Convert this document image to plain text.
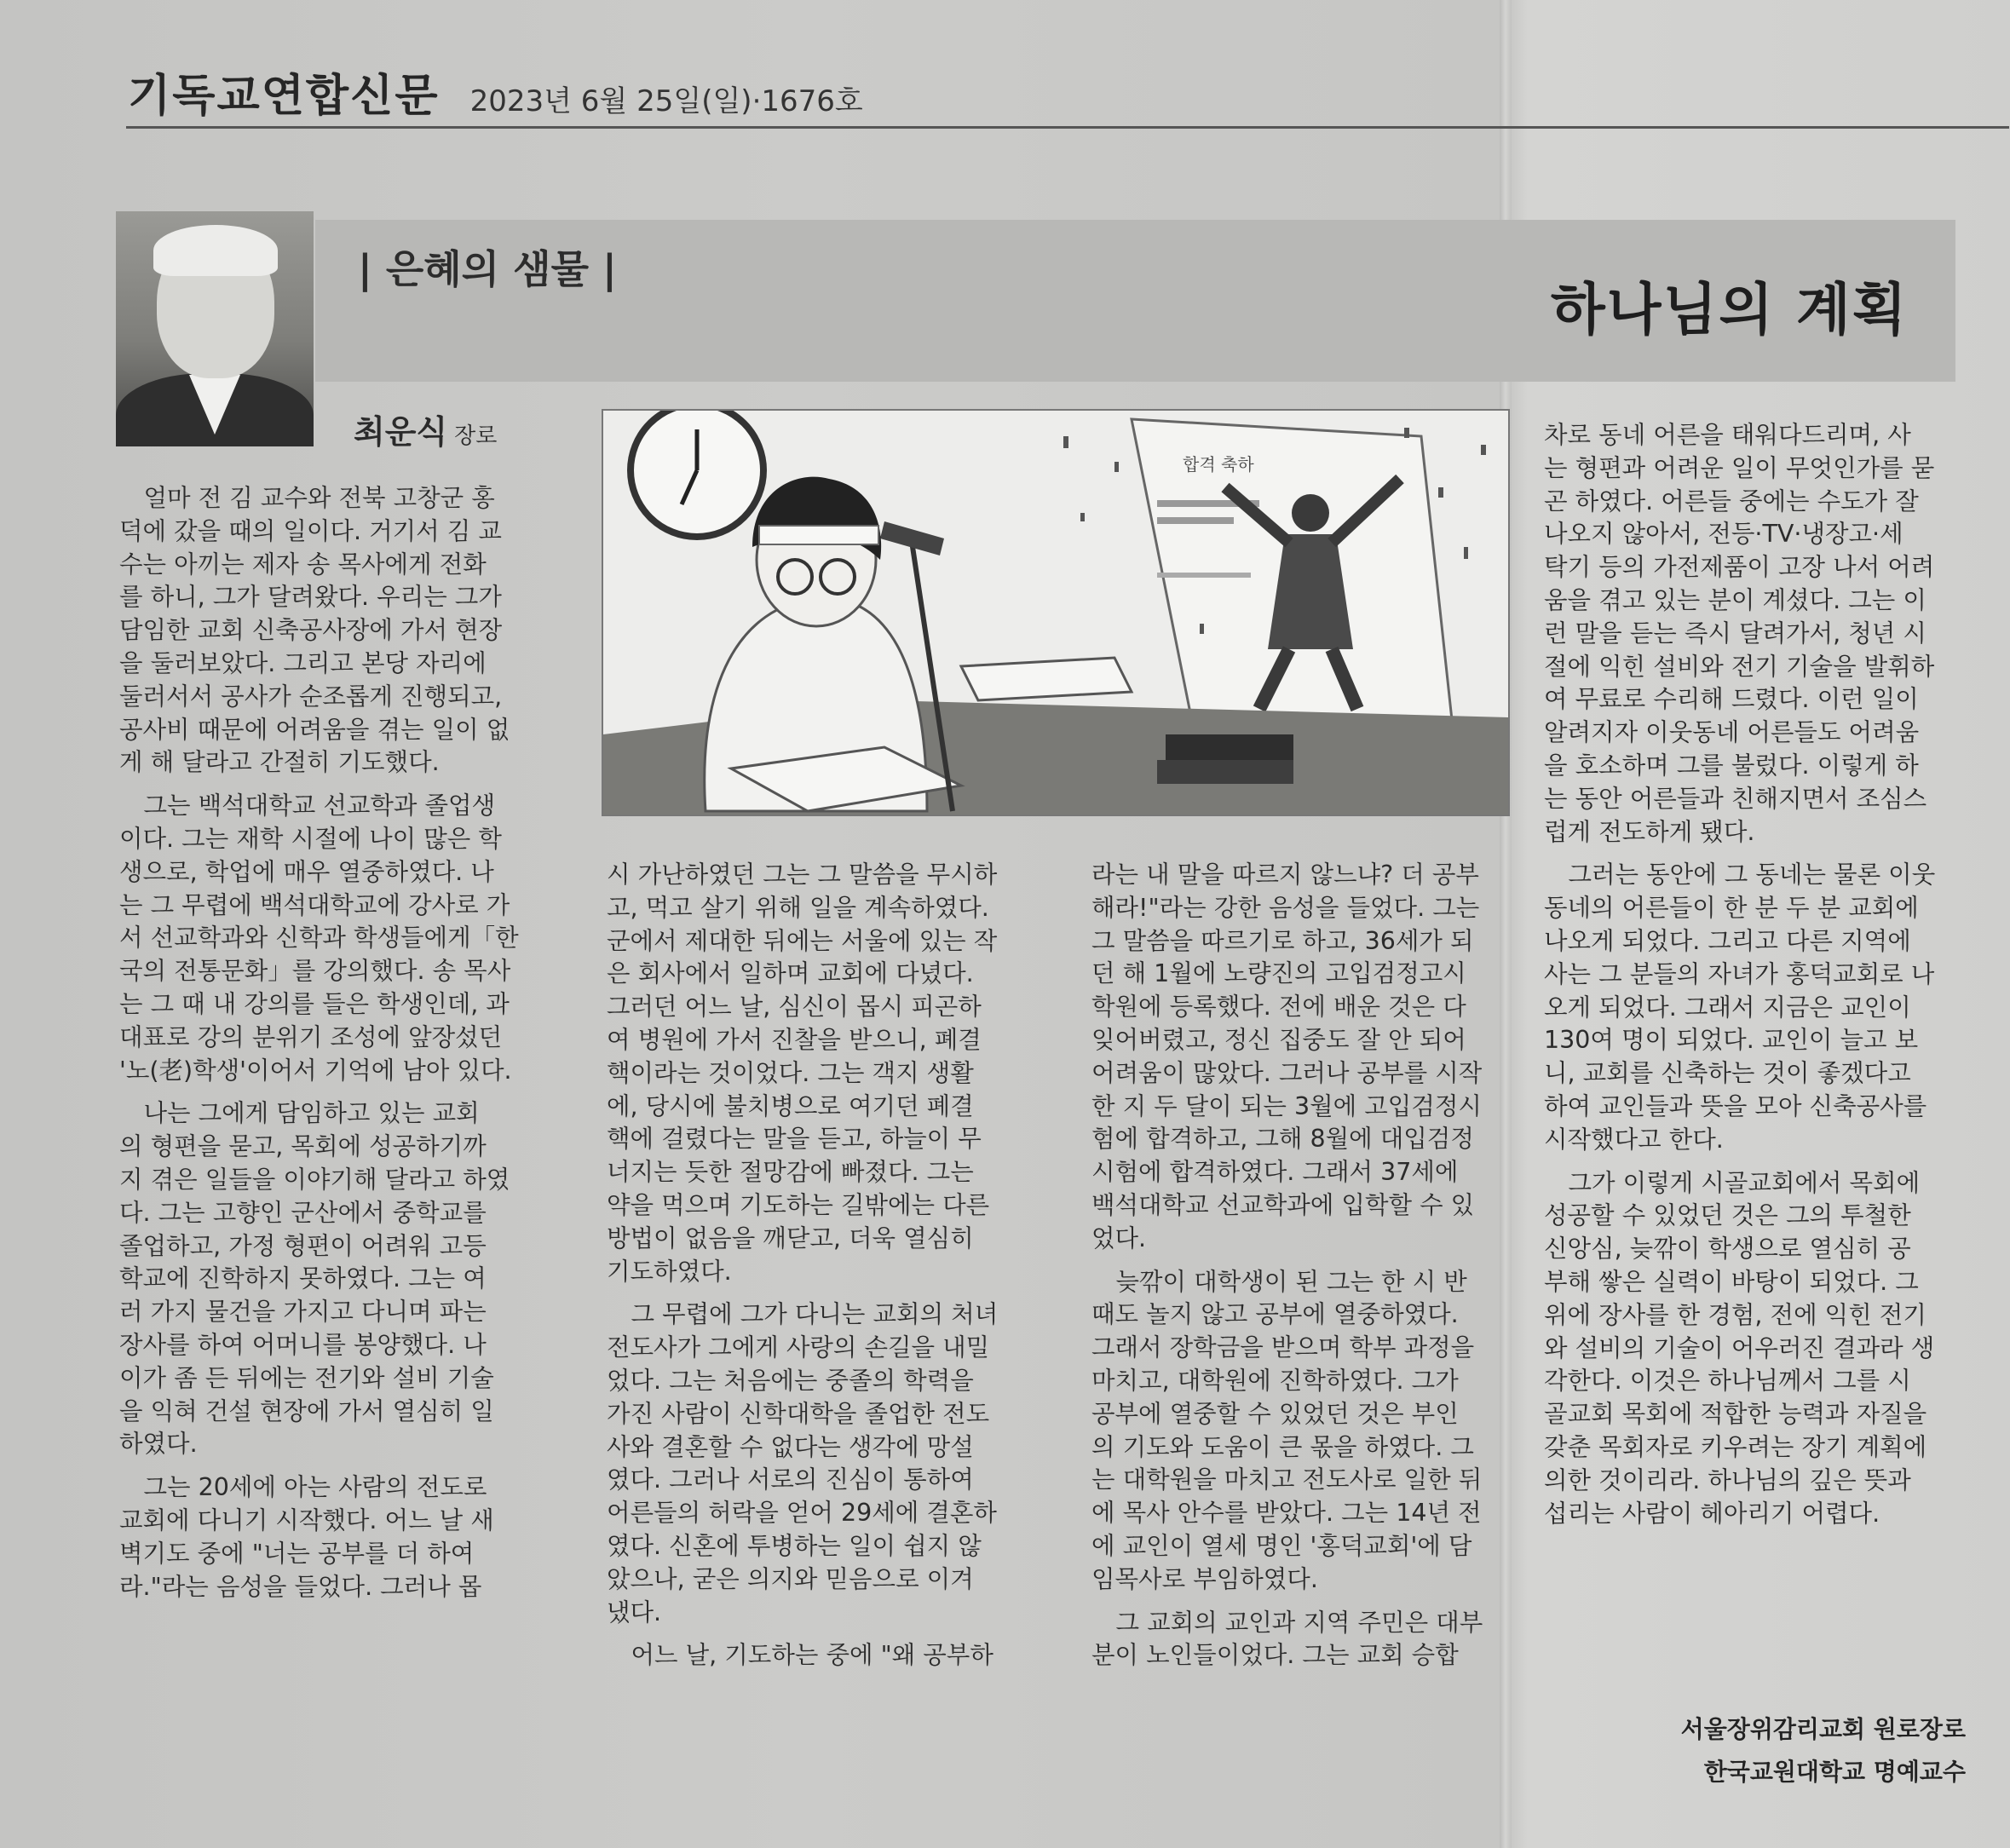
기독교연합신문 2023년 6월 25일(일)·1676호
| 은혜의 샘물 |
하나님의 계획
최운식 장로
합격 축하

얼마 전 김 교수와 전북 고창군 홍
덕에 갔을 때의 일이다. 거기서 김 교
수는 아끼는 제자 송 목사에게 전화
를 하니, 그가 달려왔다. 우리는 그가
담임한 교회 신축공사장에 가서 현장
을 둘러보았다. 그리고 본당 자리에
둘러서서 공사가 순조롭게 진행되고,
공사비 때문에 어려움을 겪는 일이 없
게 해 달라고 간절히 기도했다.

그는 백석대학교 선교학과 졸업생
이다. 그는 재학 시절에 나이 많은 학
생으로, 학업에 매우 열중하였다. 나
는 그 무렵에 백석대학교에 강사로 가
서 선교학과와 신학과 학생들에게「한
국의 전통문화」를 강의했다. 송 목사
는 그 때 내 강의를 들은 학생인데, 과
대표로 강의 분위기 조성에 앞장섰던
'노(老)학생'이어서 기억에 남아 있다.

나는 그에게 담임하고 있는 교회
의 형편을 묻고, 목회에 성공하기까
지 겪은 일들을 이야기해 달라고 하였
다. 그는 고향인 군산에서 중학교를
졸업하고, 가정 형편이 어려워 고등
학교에 진학하지 못하였다. 그는 여
러 가지 물건을 가지고 다니며 파는
장사를 하여 어머니를 봉양했다. 나
이가 좀 든 뒤에는 전기와 설비 기술
을 익혀 건설 현장에 가서 열심히 일
하였다.

그는 20세에 아는 사람의 전도로
교회에 다니기 시작했다. 어느 날 새
벽기도 중에 "너는 공부를 더 하여
라."라는 음성을 들었다. 그러나 몹

시 가난하였던 그는 그 말씀을 무시하
고, 먹고 살기 위해 일을 계속하였다.
군에서 제대한 뒤에는 서울에 있는 작
은 회사에서 일하며 교회에 다녔다.
그러던 어느 날, 심신이 몹시 피곤하
여 병원에 가서 진찰을 받으니, 폐결
핵이라는 것이었다. 그는 객지 생활
에, 당시에 불치병으로 여기던 폐결
핵에 걸렸다는 말을 듣고, 하늘이 무
너지는 듯한 절망감에 빠졌다. 그는
약을 먹으며 기도하는 길밖에는 다른
방법이 없음을 깨닫고, 더욱 열심히
기도하였다.

그 무렵에 그가 다니는 교회의 처녀
전도사가 그에게 사랑의 손길을 내밀
었다. 그는 처음에는 중졸의 학력을
가진 사람이 신학대학을 졸업한 전도
사와 결혼할 수 없다는 생각에 망설
였다. 그러나 서로의 진심이 통하여
어른들의 허락을 얻어 29세에 결혼하
였다. 신혼에 투병하는 일이 쉽지 않
았으나, 굳은 의지와 믿음으로 이겨
냈다.

어느 날, 기도하는 중에 "왜 공부하

라는 내 말을 따르지 않느냐? 더 공부
해라!"라는 강한 음성을 들었다. 그는
그 말씀을 따르기로 하고, 36세가 되
던 해 1월에 노량진의 고입검정고시
학원에 등록했다. 전에 배운 것은 다
잊어버렸고, 정신 집중도 잘 안 되어
어려움이 많았다. 그러나 공부를 시작
한 지 두 달이 되는 3월에 고입검정시
험에 합격하고, 그해 8월에 대입검정
시험에 합격하였다. 그래서 37세에
백석대학교 선교학과에 입학할 수 있
었다.

늦깎이 대학생이 된 그는 한 시 반
때도 놀지 않고 공부에 열중하였다.
그래서 장학금을 받으며 학부 과정을
마치고, 대학원에 진학하였다. 그가
공부에 열중할 수 있었던 것은 부인
의 기도와 도움이 큰 몫을 하였다. 그
는 대학원을 마치고 전도사로 일한 뒤
에 목사 안수를 받았다. 그는 14년 전
에 교인이 열세 명인 '홍덕교회'에 담
임목사로 부임하였다.

그 교회의 교인과 지역 주민은 대부
분이 노인들이었다. 그는 교회 승합

차로 동네 어른을 태워다드리며, 사
는 형편과 어려운 일이 무엇인가를 묻
곤 하였다. 어른들 중에는 수도가 잘
나오지 않아서, 전등·TV·냉장고·세
탁기 등의 가전제품이 고장 나서 어려
움을 겪고 있는 분이 계셨다. 그는 이
런 말을 듣는 즉시 달려가서, 청년 시
절에 익힌 설비와 전기 기술을 발휘하
여 무료로 수리해 드렸다. 이런 일이
알려지자 이웃동네 어른들도 어려움
을 호소하며 그를 불렀다. 이렇게 하
는 동안 어른들과 친해지면서 조심스
럽게 전도하게 됐다.

그러는 동안에 그 동네는 물론 이웃
동네의 어른들이 한 분 두 분 교회에
나오게 되었다. 그리고 다른 지역에
사는 그 분들의 자녀가 홍덕교회로 나
오게 되었다. 그래서 지금은 교인이
130여 명이 되었다. 교인이 늘고 보
니, 교회를 신축하는 것이 좋겠다고
하여 교인들과 뜻을 모아 신축공사를
시작했다고 한다.

그가 이렇게 시골교회에서 목회에
성공할 수 있었던 것은 그의 투철한
신앙심, 늦깎이 학생으로 열심히 공
부해 쌓은 실력이 바탕이 되었다. 그
위에 장사를 한 경험, 전에 익힌 전기
와 설비의 기술이 어우러진 결과라 생
각한다. 이것은 하나님께서 그를 시
골교회 목회에 적합한 능력과 자질을
갖춘 목회자로 키우려는 장기 계획에
의한 것이리라. 하나님의 깊은 뜻과
섭리는 사람이 헤아리기 어렵다.

서울장위감리교회 원로장로
한국교원대학교 명예교수
